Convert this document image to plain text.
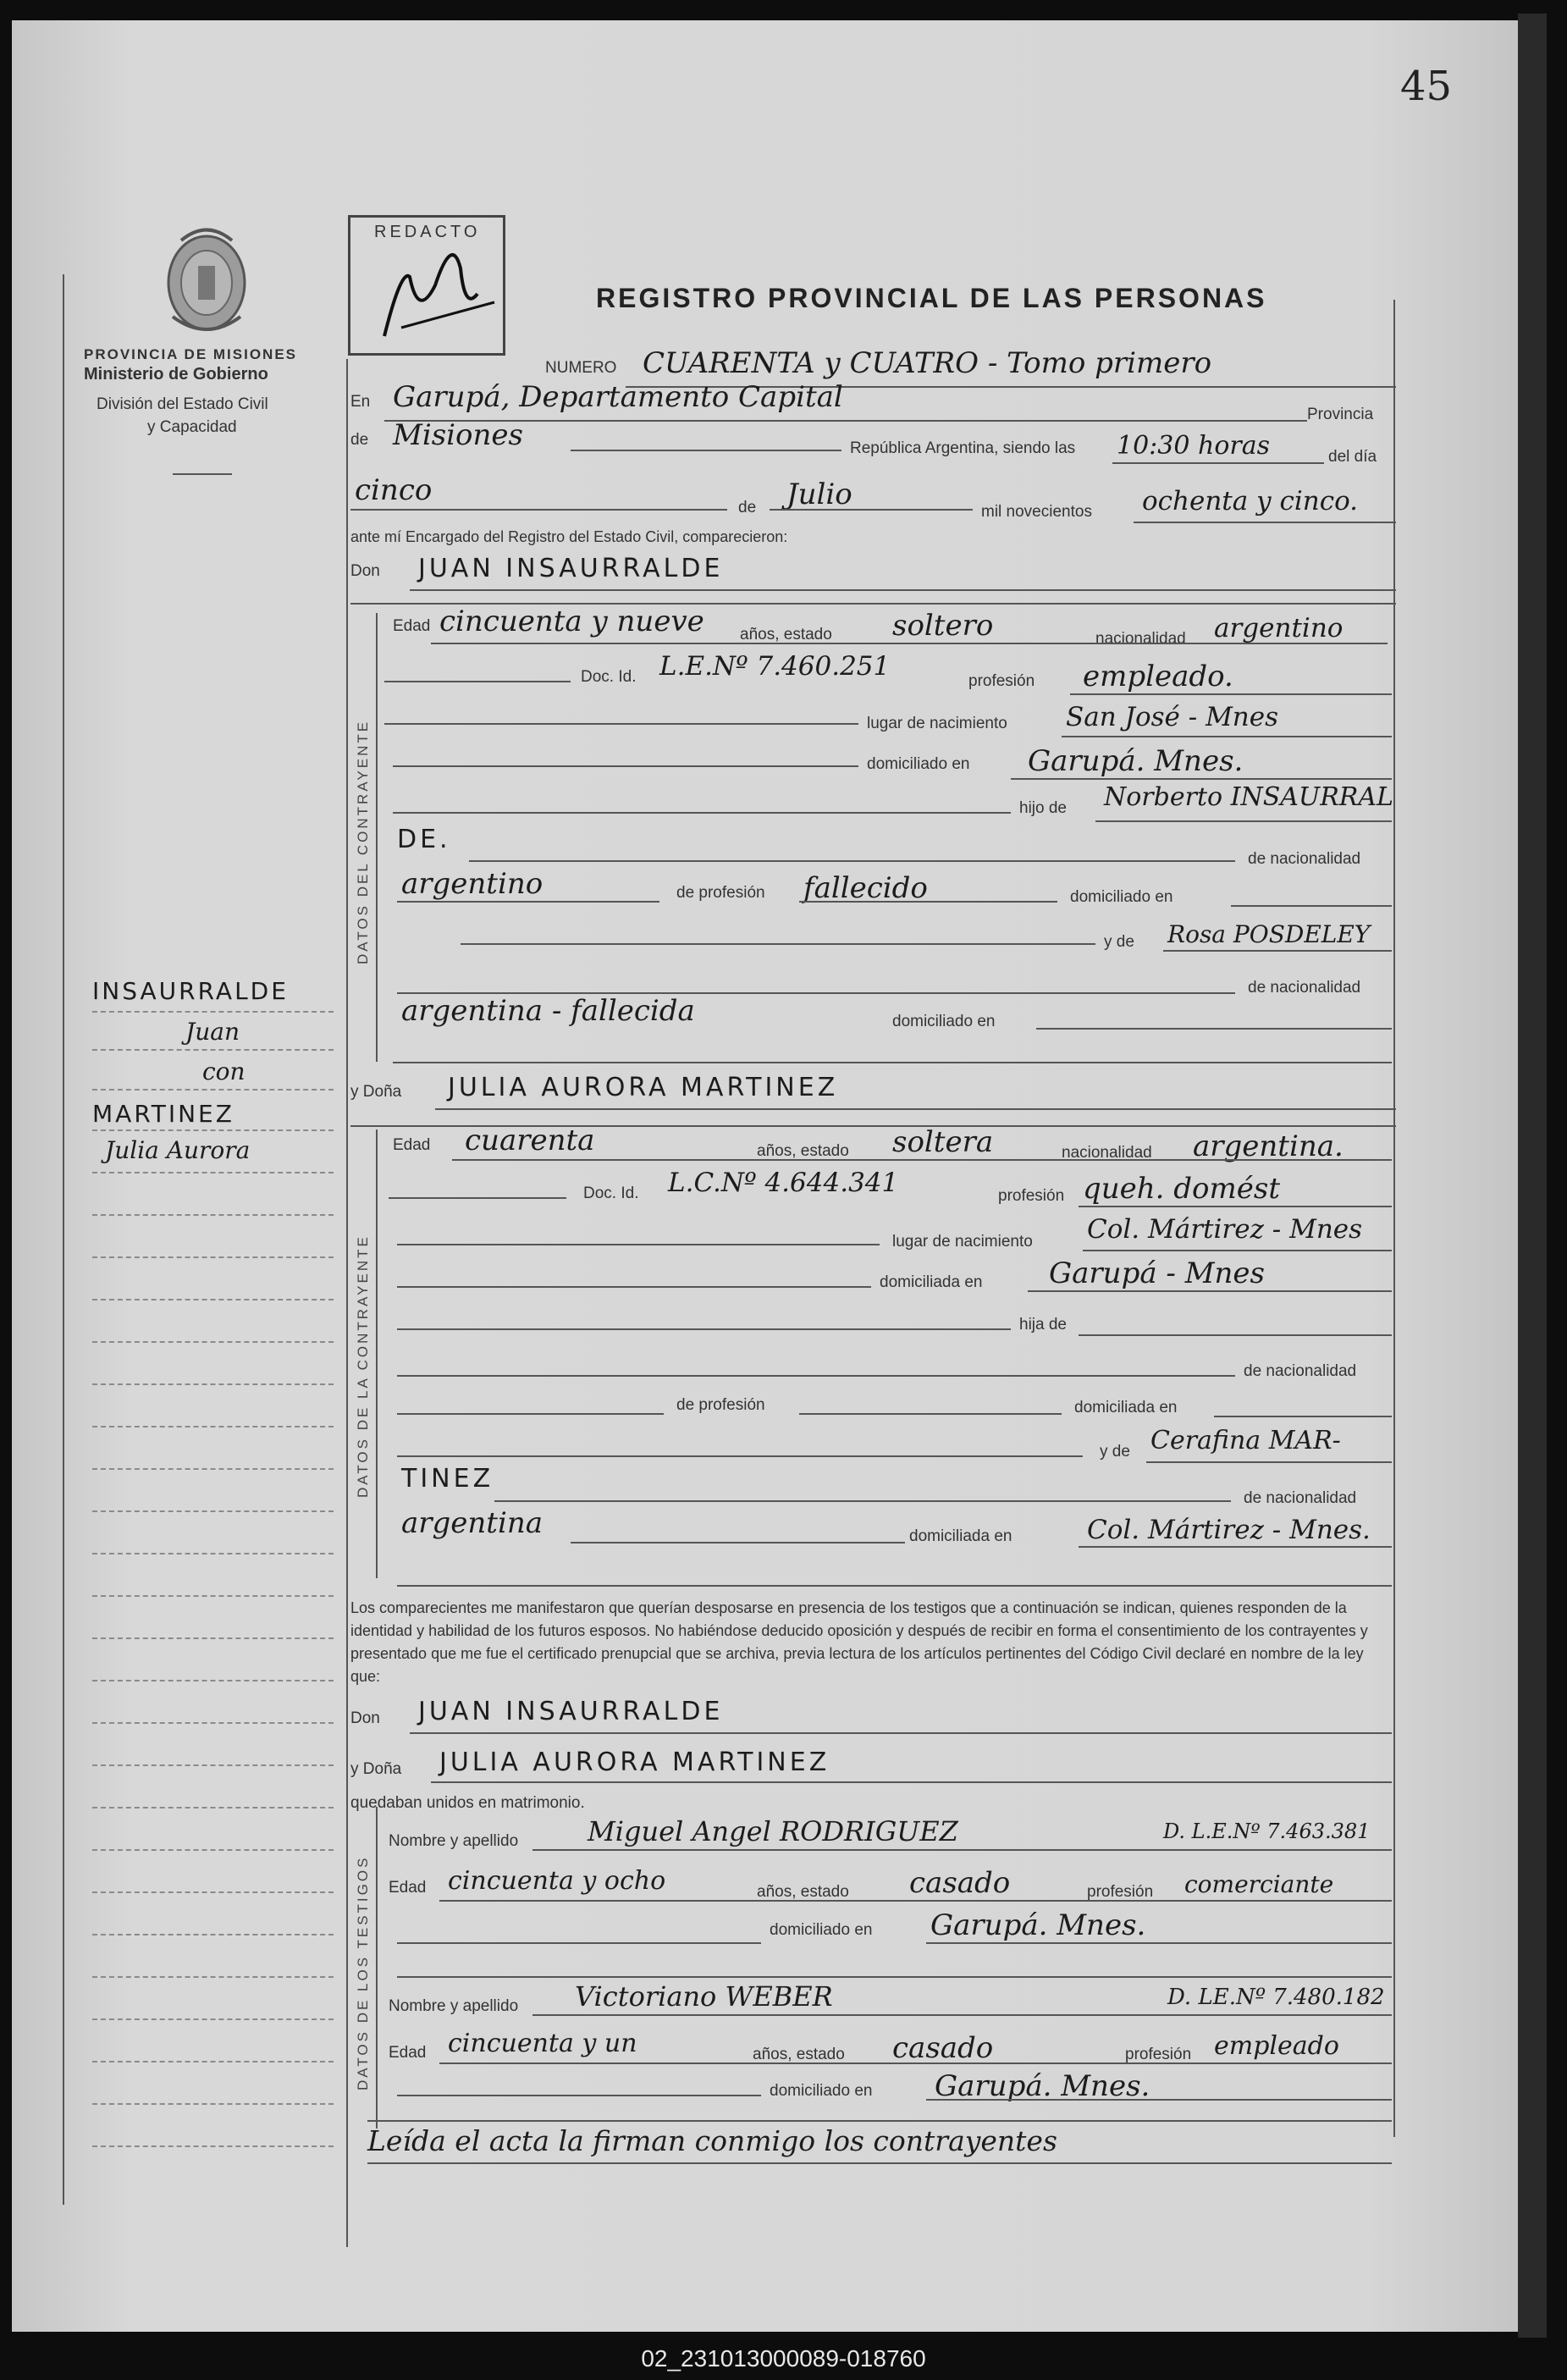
45
PROVINCIA DE MISIONES
Ministerio de Gobierno
División del Estado Civil
y Capacidad
REDACTO
REGISTRO PROVINCIAL DE LAS PERSONAS
NUMERO CUARENTA y CUATRO - Tomo primero
En Garupá, Departamento Capital
Provincia
de Misiones	República Argentina, siendo las 10:30 horas	del día
cinco
de Julio
mil novecientos ochenta y cinco.
ante mí Encargado del Registro del Estado Civil, comparecieron:
Don JUAN INSAURRALDE
DATOS DEL CONTRAYENTE
Edad cincuenta y nueve años, estado soltero	nacionalidad argentino
Doc. Id. L.E.Nº 7.460.251	profesión empleado.
lugar de nacimiento San José - Mnes
domiciliado en Garupá. Mnes.
hijo de Norberto INSAURRAL
DE.
de nacionalidad
argentino	de profesión fallecido	domiciliado en
y de Rosa POSDELEY
de nacionalidad
argentina - fallecida	domiciliado en
y Doña JULIA AURORA MARTINEZ
DATOS DE LA CONTRAYENTE
Edad cuarenta	años, estado soltera	nacionalidad argentina.
Doc. Id. L.C.Nº 4.644.341	profesión queh. domést
lugar de nacimiento Col. Mártirez - Mnes
domiciliada en Garupá - Mnes
hija de
de nacionalidad
de profesión	domiciliada en
y de Cerafina MAR-
TINEZ
de nacionalidad
argentina	domiciliada en	Col. Mártirez - Mnes.
Los comparecientes me manifestaron que querían desposarse en presencia de los testigos que a continuación se indican, quienes responden de la identidad y habilidad de los futuros esposos. No habiéndose deducido oposición y después de recibir en forma el consentimiento de los contrayentes y presentado que me fue el certificado prenupcial que se archiva, previa lectura de los artículos pertinentes del Código Civil declaré en nombre de la ley que:
Don JUAN INSAURRALDE
y Doña JULIA AURORA MARTINEZ
quedaban unidos en matrimonio.
DATOS DE LOS TESTIGOS
Nombre y apellido	Miguel Angel RODRIGUEZ	D. L.E.Nº 7.463.381
Edad cincuenta y ocho	años, estado casado	profesión comerciante
domiciliado en Garupá. Mnes.
Nombre y apellido Victoriano WEBER	D. LE.Nº 7.480.182
Edad cincuenta y un	años, estado casado	profesión empleado
domiciliado en Garupá. Mnes.
Leída el acta la firman conmigo los contrayentes
INSAURRALDE
Juan
con
MARTINEZ
Julia Aurora
02_231013000089-018760
